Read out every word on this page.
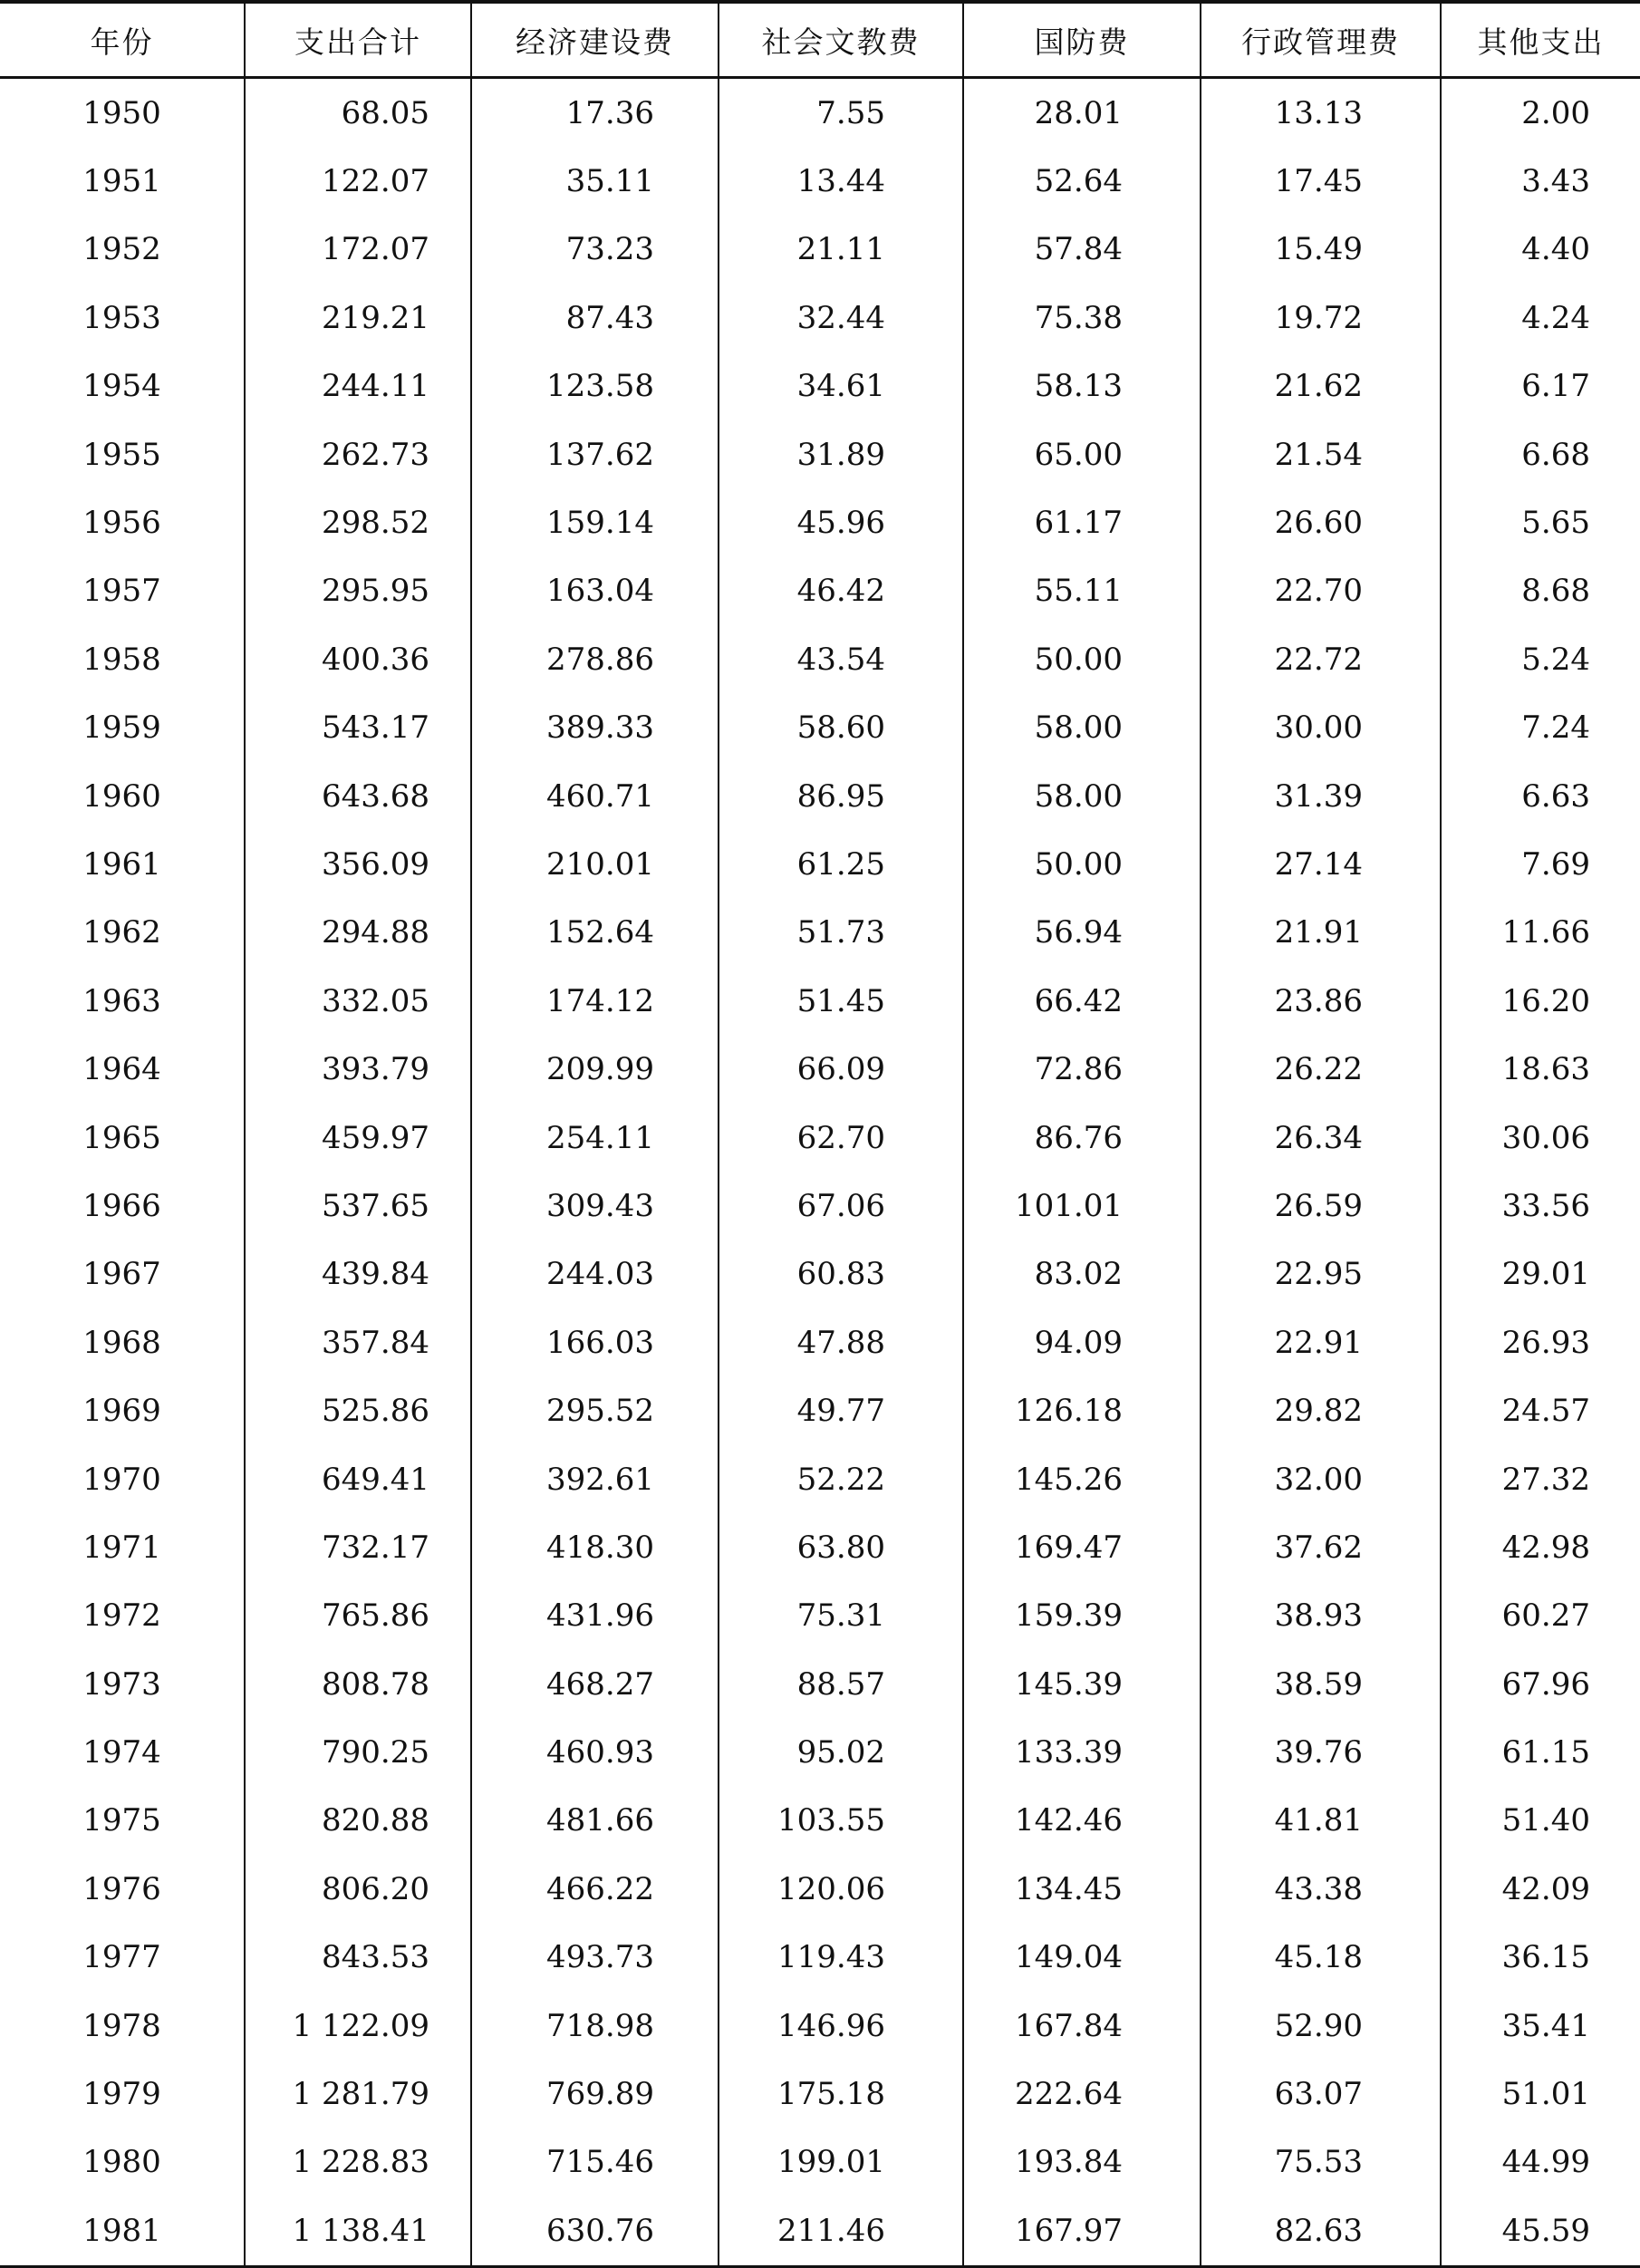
年份	支出合计	经济建设费	社会文教费	国防费	行政管理费	其他支出
1950	68.05	17.36	7.55	28.01	13.13	2.00
1951	122.07	35.11	13.44	52.64	17.45	3.43
1952	172.07	73.23	21.11	57.84	15.49	4.40
1953	219.21	87.43	32.44	75.38	19.72	4.24
1954	244.11	123.58	34.61	58.13	21.62	6.17
1955	262.73	137.62	31.89	65.00	21.54	6.68
1956	298.52	159.14	45.96	61.17	26.60	5.65
1957	295.95	163.04	46.42	55.11	22.70	8.68
1958	400.36	278.86	43.54	50.00	22.72	5.24
1959	543.17	389.33	58.60	58.00	30.00	7.24
1960	643.68	460.71	86.95	58.00	31.39	6.63
1961	356.09	210.01	61.25	50.00	27.14	7.69
1962	294.88	152.64	51.73	56.94	21.91	11.66
1963	332.05	174.12	51.45	66.42	23.86	16.20
1964	393.79	209.99	66.09	72.86	26.22	18.63
1965	459.97	254.11	62.70	86.76	26.34	30.06
1966	537.65	309.43	67.06	101.01	26.59	33.56
1967	439.84	244.03	60.83	83.02	22.95	29.01
1968	357.84	166.03	47.88	94.09	22.91	26.93
1969	525.86	295.52	49.77	126.18	29.82	24.57
1970	649.41	392.61	52.22	145.26	32.00	27.32
1971	732.17	418.30	63.80	169.47	37.62	42.98
1972	765.86	431.96	75.31	159.39	38.93	60.27
1973	808.78	468.27	88.57	145.39	38.59	67.96
1974	790.25	460.93	95.02	133.39	39.76	61.15
1975	820.88	481.66	103.55	142.46	41.81	51.40
1976	806.20	466.22	120.06	134.45	43.38	42.09
1977	843.53	493.73	119.43	149.04	45.18	36.15
1978	1 122.09	718.98	146.96	167.84	52.90	35.41
1979	1 281.79	769.89	175.18	222.64	63.07	51.01
1980	1 228.83	715.46	199.01	193.84	75.53	44.99
1981	1 138.41	630.76	211.46	167.97	82.63	45.59
